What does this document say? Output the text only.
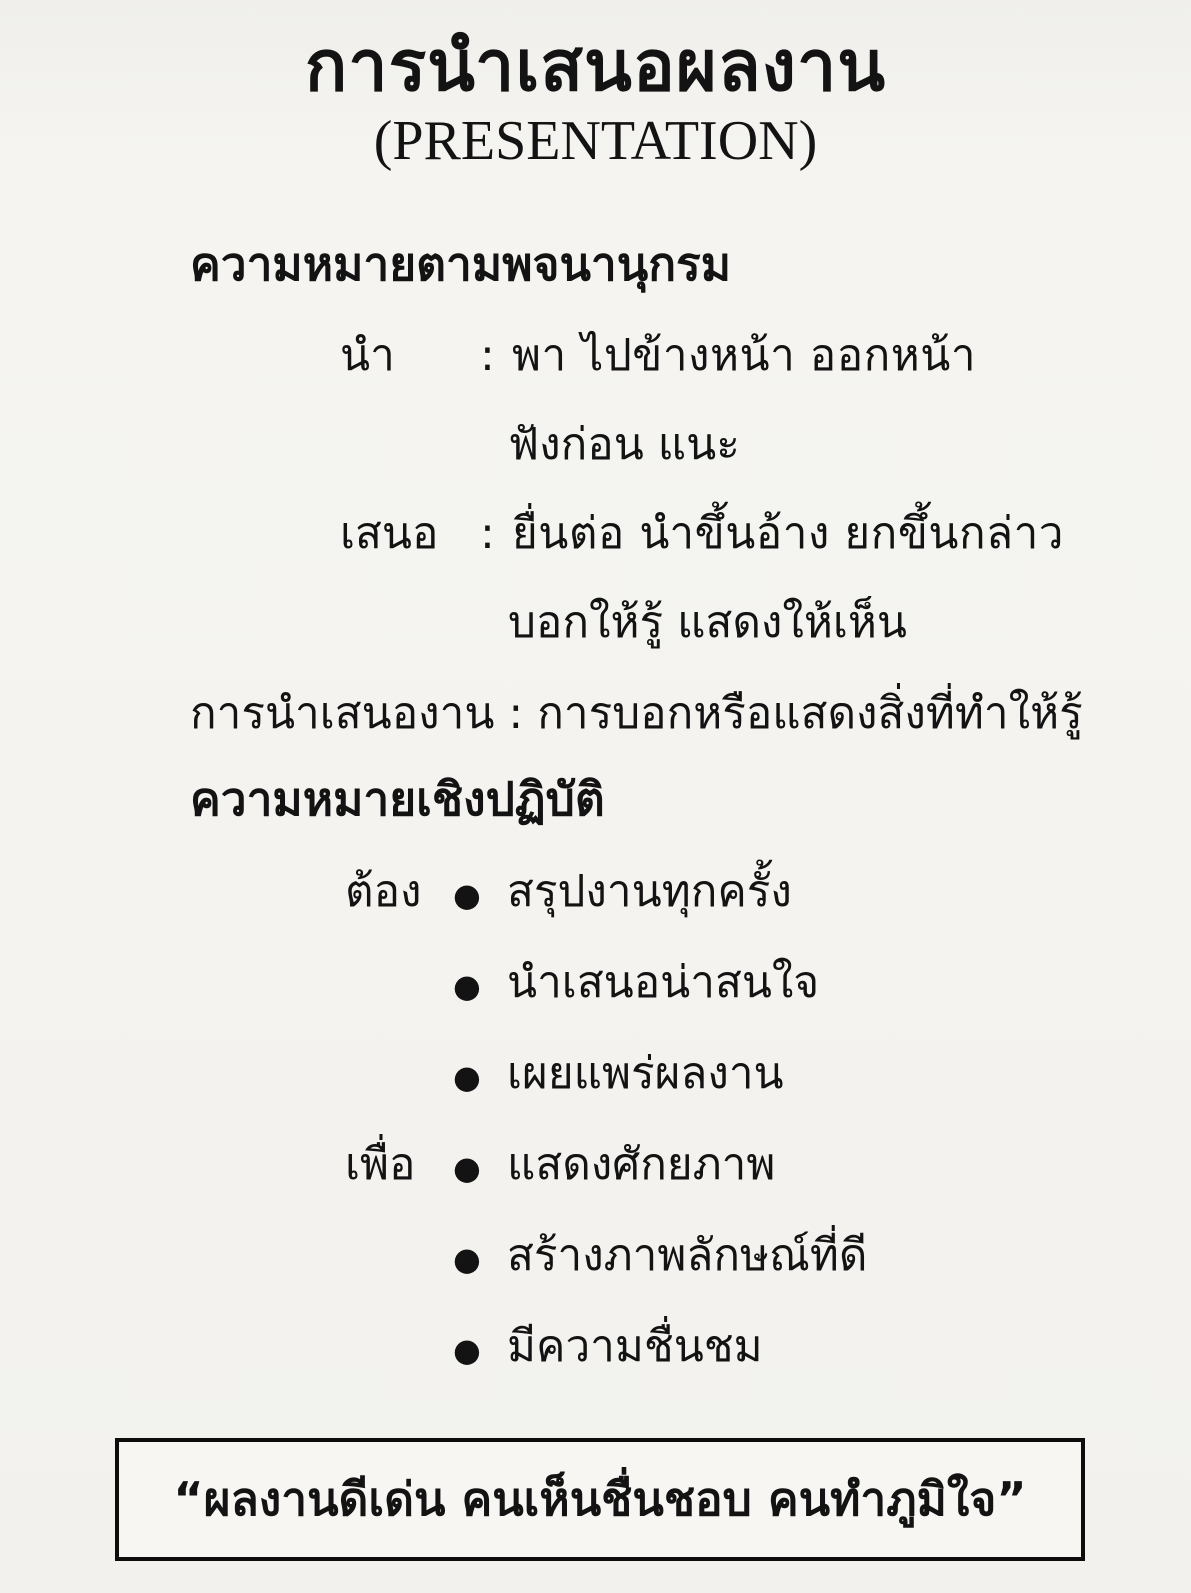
การนำเสนอผลงาน
(PRESENTATION)
ความหมายตามพจนานุกรม
นำ	: พา ไปข้างหน้า ออกหน้า
ฟังก่อน แนะ
เสนอ : ยื่นต่อ นำขึ้นอ้าง ยกขึ้นกล่าว
บอกให้รู้ แสดงให้เห็น
การนำเสนองาน : การบอกหรือแสดงสิ่งที่ทำให้รู้
ความหมายเชิงปฏิบัติ
ต้อง ● สรุปงานทุกครั้ง
● นำเสนอน่าสนใจ
● เผยแพร่ผลงาน
เพื่อ	● แสดงศักยภาพ
● สร้างภาพลักษณ์ที่ดี
● มีความชื่นชม
“ผลงานดีเด่น คนเห็นชื่นชอบ คนทำภูมิใจ”
